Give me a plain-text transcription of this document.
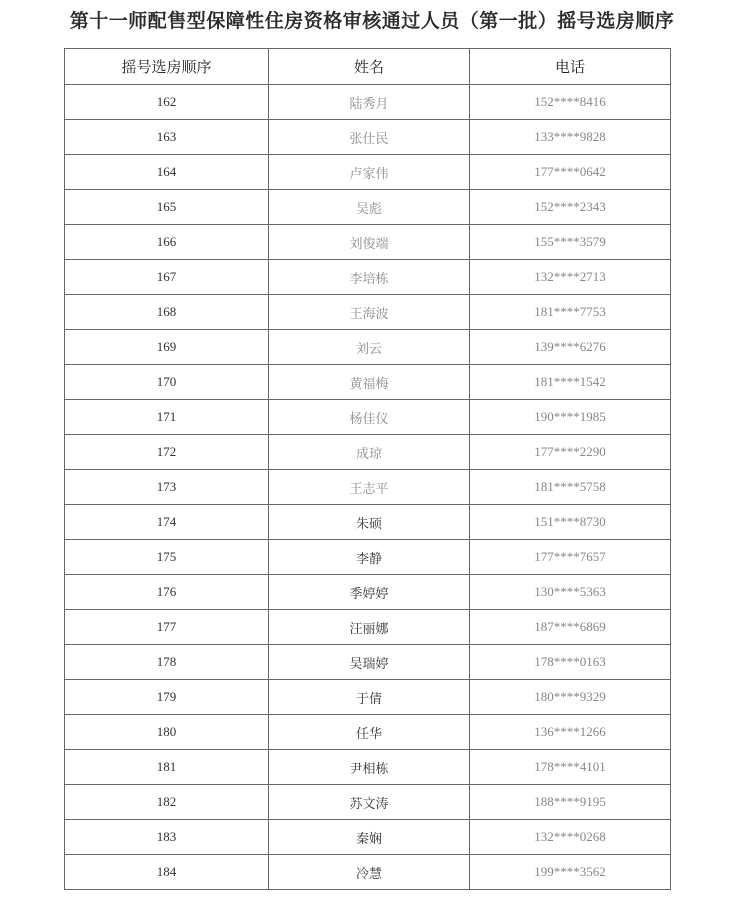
第十一师配售型保障性住房资格审核通过人员（第一批）摇号选房顺序
摇号选房顺序	姓名	电话
162	陆秀月	152****8416
163	张仕民	133****9828
164	卢家伟	177****0642
165	吴彪	152****2343
166	刘俊端	155****3579
167	李培栋	132****2713
168	王海波	181****7753
169	刘云	139****6276
170	黄福梅	181****1542
171	杨佳仪	190****1985
172	成琼	177****2290
173	王志平	181****5758
174	朱硕	151****8730
175	李静	177****7657
176	季婷婷	130****5363
177	汪丽娜	187****6869
178	吴瑞婷	178****0163
179	于倩	180****9329
180	任华	136****1266
181	尹相栋	178****4101
182	苏文涛	188****9195
183	秦娴	132****0268
184	冷慧	199****3562
